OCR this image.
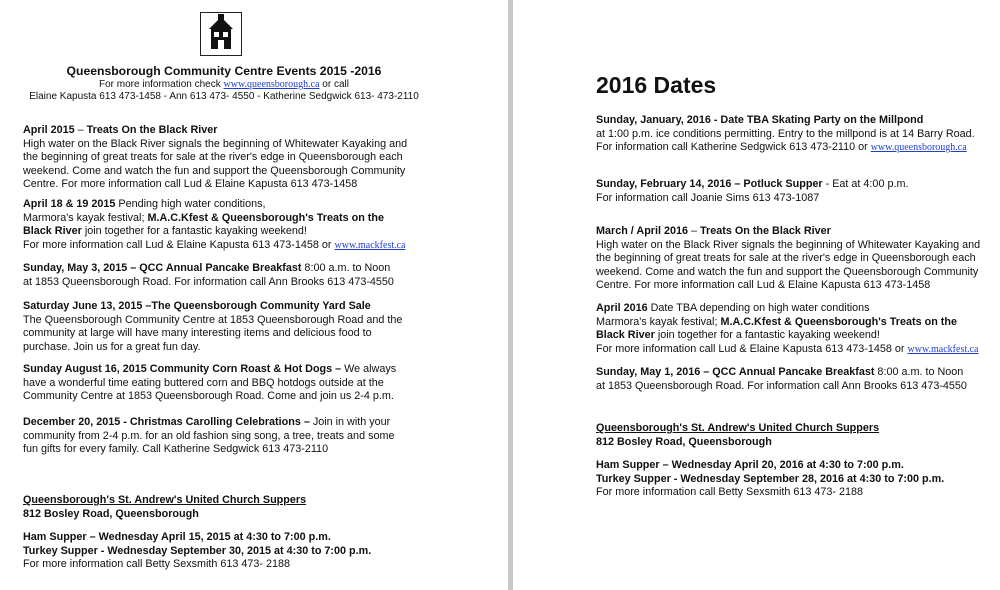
Queensborough Community Centre Events 2015 -2016
For more information check www.queensborough.ca or call
Elaine Kapusta 613 473-1458 - Ann 613 473- 4550 - Katherine Sedgwick 613- 473-2110

April 2015 – Treats On the Black River

High water on the Black River signals the beginning of Whitewater Kayaking and

the beginning of great treats for sale at the river's edge in Queensborough each

weekend. Come and watch the fun and support the Queensborough Community

Centre. For more information call Lud & Elaine Kapusta 613 473-1458

April 18 & 19 2015 Pending high water conditions,

Marmora's kayak festival; M.A.C.Kfest & Queensborough's Treats on the

Black River join together for a fantastic kayaking weekend!

For more information call Lud & Elaine Kapusta 613 473-1458 or www.mackfest.ca

Sunday, May 3, 2015 – QCC Annual Pancake Breakfast 8:00 a.m. to Noon

at 1853 Queensborough Road. For information call Ann Brooks 613 473-4550

Saturday June 13, 2015 –The Queensborough Community Yard Sale

The Queensborough Community Centre at 1853 Queensborough Road and the

community at large will have many interesting items and delicious food to

purchase. Join us for a great fun day.

Sunday August 16, 2015 Community Corn Roast & Hot Dogs – We always

have a wonderful time eating buttered corn and BBQ hotdogs outside at the

Community Centre at 1853 Queensborough Road. Come and join us 2-4 p.m.

December 20, 2015 - Christmas Carolling Celebrations – Join in with your

community from 2-4 p.m. for an old fashion sing song, a tree, treats and some

fun gifts for every family. Call Katherine Sedgwick 613 473-2110

Queensborough's St. Andrew's United Church Suppers

812 Bosley Road, Queensborough

Ham Supper – Wednesday April 15, 2015 at 4:30 to 7:00 p.m.

Turkey Supper - Wednesday September 30, 2015 at 4:30 to 7:00 p.m.

For more information call Betty Sexsmith 613 473- 2188

2016 Dates

Sunday, January, 2016 - Date TBA Skating Party on the Millpond

at 1:00 p.m. ice conditions permitting. Entry to the millpond is at 14 Barry Road.

For information call Katherine Sedgwick 613 473-2110 or www.queensborough.ca

Sunday, February 14, 2016 – Potluck Supper - Eat at 4:00 p.m.

For information call Joanie Sims 613 473-1087

March / April 2016 – Treats On the Black River

High water on the Black River signals the beginning of Whitewater Kayaking and

the beginning of great treats for sale at the river's edge in Queensborough each

weekend. Come and watch the fun and support the Queensborough Community

Centre. For more information call Lud & Elaine Kapusta 613 473-1458

April 2016 Date TBA depending on high water conditions

Marmora's kayak festival; M.A.C.Kfest & Queensborough's Treats on the

Black River join together for a fantastic kayaking weekend!

For more information call Lud & Elaine Kapusta 613 473-1458 or www.mackfest.ca

Sunday, May 1, 2016 – QCC Annual Pancake Breakfast 8:00 a.m. to Noon

at 1853 Queensborough Road. For information call Ann Brooks 613 473-4550

Queensborough's St. Andrew's United Church Suppers

812 Bosley Road, Queensborough

Ham Supper – Wednesday April 20, 2016 at 4:30 to 7:00 p.m.

Turkey Supper - Wednesday September 28, 2016 at 4:30 to 7:00 p.m.

For more information call Betty Sexsmith 613 473- 2188
